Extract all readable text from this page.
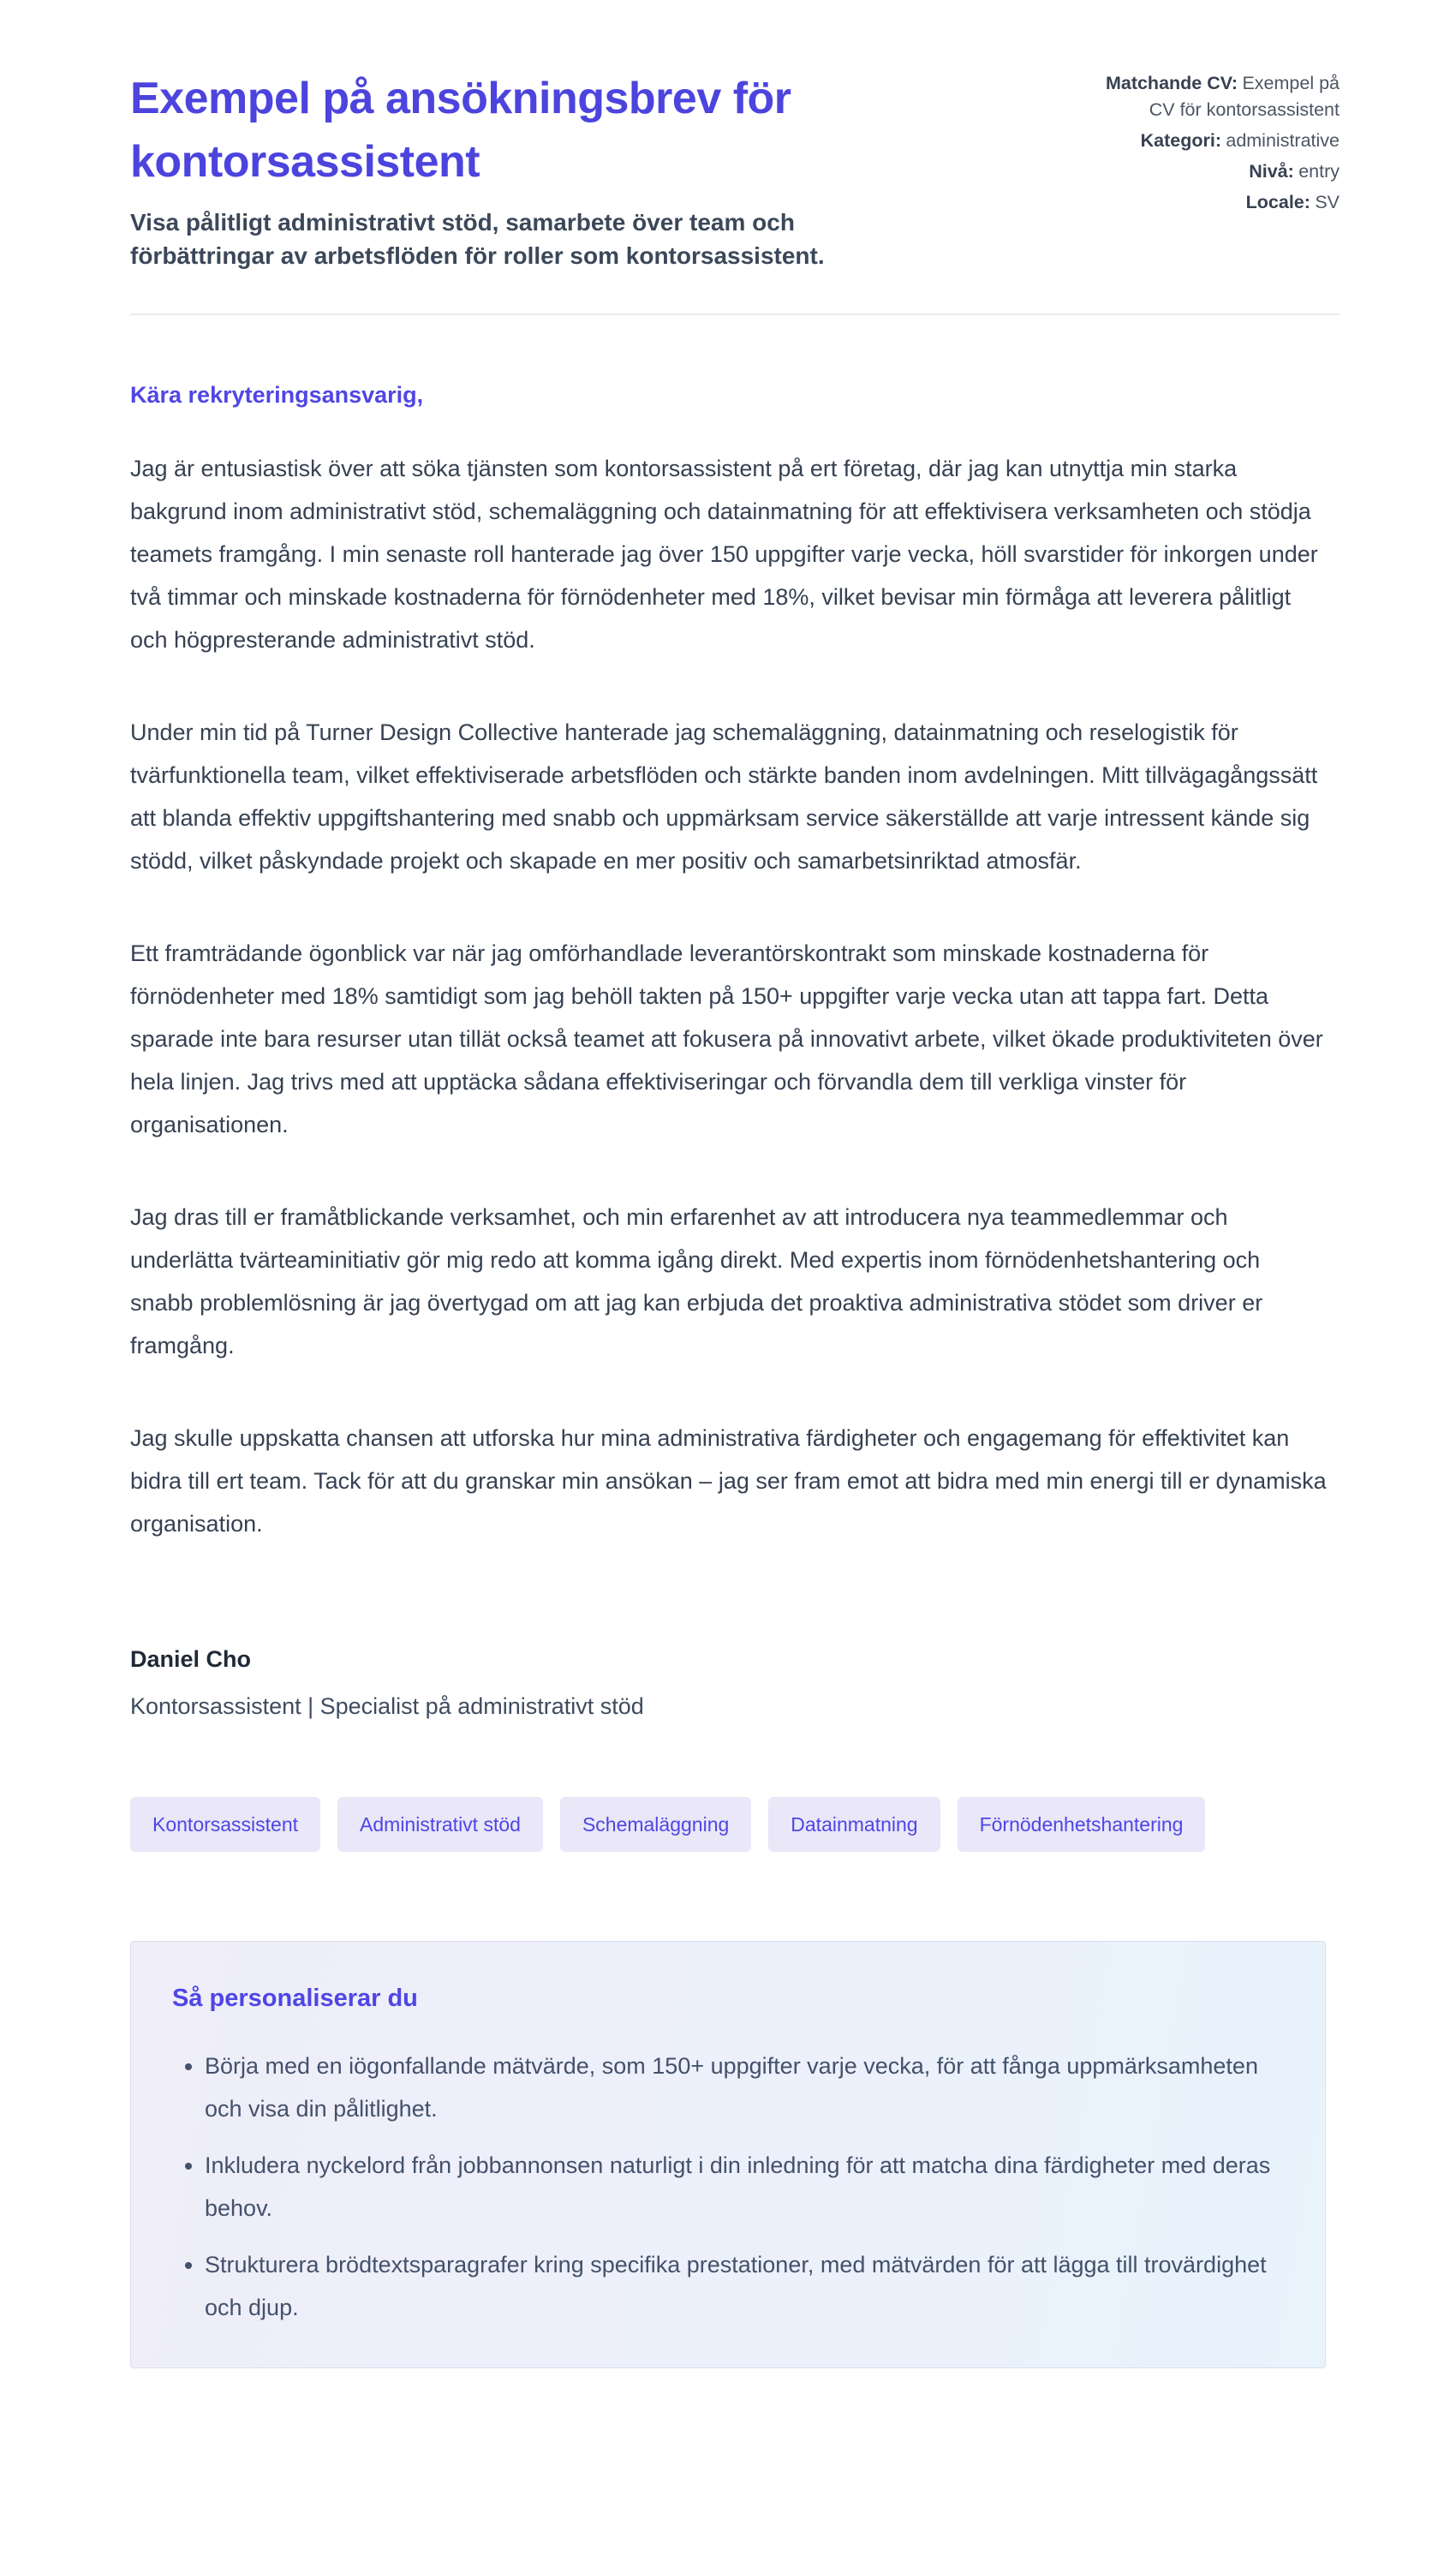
Exempel på ansökningsbrev för kontorsassistent
Visa pålitligt administrativt stöd, samarbete över team och förbättringar av arbetsflöden för roller som kontorsassistent.
Matchande CV: Exempel på CV för kontorsassistent
Kategori: administrative
Nivå: entry
Locale: SV

Kära rekryteringsansvarig,

Jag är entusiastisk över att söka tjänsten som kontorsassistent på ert företag, där jag kan utnyttja min starka bakgrund inom administrativt stöd, schemaläggning och datainmatning för att effektivisera verksamheten och stödja teamets framgång. I min senaste roll hanterade jag över 150 uppgifter varje vecka, höll svarstider för inkorgen under två timmar och minskade kostnaderna för förnödenheter med 18%, vilket bevisar min förmåga att leverera pålitligt och högpresterande administrativt stöd.

Under min tid på Turner Design Collective hanterade jag schemaläggning, datainmatning och reselogistik för tvärfunktionella team, vilket effektiviserade arbetsflöden och stärkte banden inom avdelningen. Mitt tillvägagångssätt att blanda effektiv uppgiftshantering med snabb och uppmärksam service säkerställde att varje intressent kände sig stödd, vilket påskyndade projekt och skapade en mer positiv och samarbetsinriktad atmosfär.

Ett framträdande ögonblick var när jag omförhandlade leverantörskontrakt som minskade kostnaderna för förnödenheter med 18% samtidigt som jag behöll takten på 150+ uppgifter varje vecka utan att tappa fart. Detta sparade inte bara resurser utan tillät också teamet att fokusera på innovativt arbete, vilket ökade produktiviteten över hela linjen. Jag trivs med att upptäcka sådana effektiviseringar och förvandla dem till verkliga vinster för organisationen.

Jag dras till er framåtblickande verksamhet, och min erfarenhet av att introducera nya teammedlemmar och underlätta tvärteaminitiativ gör mig redo att komma igång direkt. Med expertis inom förnödenhetshantering och snabb problemlösning är jag övertygad om att jag kan erbjuda det proaktiva administrativa stödet som driver er framgång.

Jag skulle uppskatta chansen att utforska hur mina administrativa färdigheter och engagemang för effektivitet kan bidra till ert team. Tack för att du granskar min ansökan – jag ser fram emot att bidra med min energi till er dynamiska organisation.

Daniel Cho
Kontorsassistent | Specialist på administrativt stöd
Kontorsassistent	Administrativt stöd	Schemaläggning	Datainmatning	Förnödenhetshantering
Så personaliserar du
• Börja med en iögonfallande mätvärde, som 150+ uppgifter varje vecka, för att fånga uppmärksamheten och visa din pålitlighet.
• Inkludera nyckelord från jobbannonsen naturligt i din inledning för att matcha dina färdigheter med deras behov.
• Strukturera brödtextsparagrafer kring specifika prestationer, med mätvärden för att lägga till trovärdighet och djup.
